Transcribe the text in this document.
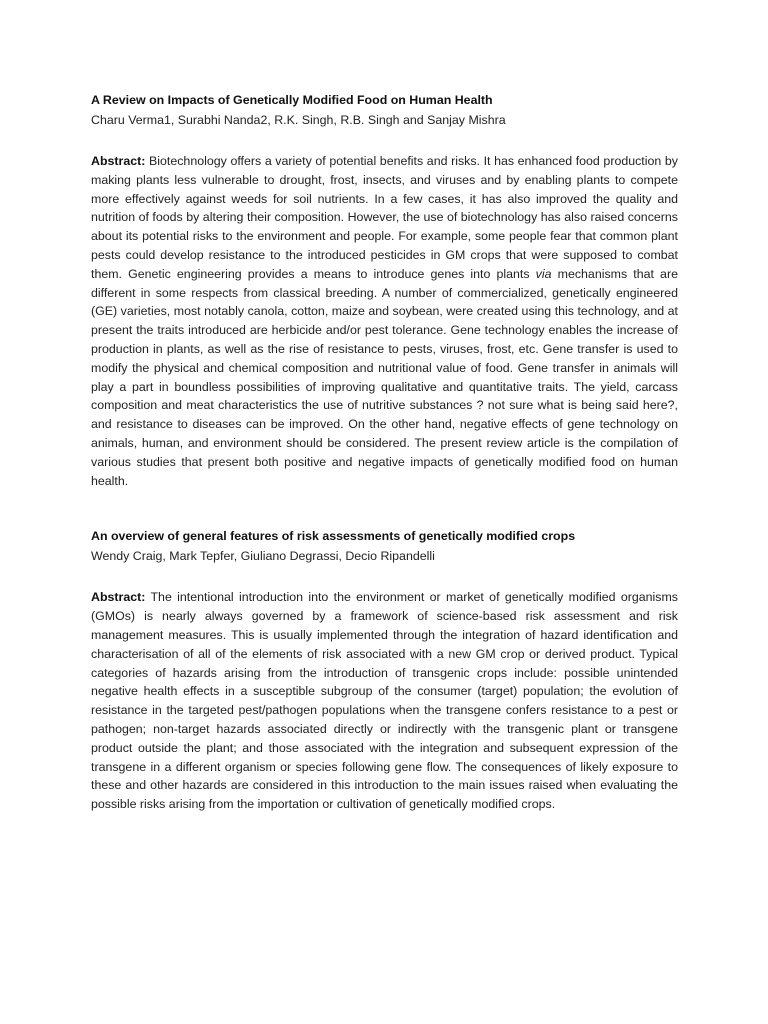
A Review on Impacts of Genetically Modified Food on Human Health

Charu Verma1, Surabhi Nanda2, R.K. Singh, R.B. Singh and Sanjay Mishra

Abstract: Biotechnology offers a variety of potential benefits and risks. It has enhanced food production by making plants less vulnerable to drought, frost, insects, and viruses and by enabling plants to compete more effectively against weeds for soil nutrients. In a few cases, it has also improved the quality and nutrition of foods by altering their composition. However, the use of biotechnology has also raised concerns about its potential risks to the environment and people. For example, some people fear that common plant pests could develop resistance to the introduced pesticides in GM crops that were supposed to combat them. Genetic engineering provides a means to introduce genes into plants via mechanisms that are different in some respects from classical breeding. A number of commercialized, genetically engineered (GE) varieties, most notably canola, cotton, maize and soybean, were created using this technology, and at present the traits introduced are herbicide and/or pest tolerance. Gene technology enables the increase of production in plants, as well as the rise of resistance to pests, viruses, frost, etc. Gene transfer is used to modify the physical and chemical composition and nutritional value of food. Gene transfer in animals will play a part in boundless possibilities of improving qualitative and quantitative traits. The yield, carcass composition and meat characteristics the use of nutritive substances ? not sure what is being said here?, and resistance to diseases can be improved. On the other hand, negative effects of gene technology on animals, human, and environment should be considered. The present review article is the compilation of various studies that present both positive and negative impacts of genetically modified food on human health.

An overview of general features of risk assessments of genetically modified crops

Wendy Craig, Mark Tepfer, Giuliano Degrassi, Decio Ripandelli

Abstract: The intentional introduction into the environment or market of genetically modified organisms (GMOs) is nearly always governed by a framework of science-based risk assessment and risk management measures. This is usually implemented through the integration of hazard identification and characterisation of all of the elements of risk associated with a new GM crop or derived product. Typical categories of hazards arising from the introduction of transgenic crops include: possible unintended negative health effects in a susceptible subgroup of the consumer (target) population; the evolution of resistance in the targeted pest/pathogen populations when the transgene confers resistance to a pest or pathogen; non-target hazards associated directly or indirectly with the transgenic plant or transgene product outside the plant; and those associated with the integration and subsequent expression of the transgene in a different organism or species following gene flow. The consequences of likely exposure to these and other hazards are considered in this introduction to the main issues raised when evaluating the possible risks arising from the importation or cultivation of genetically modified crops.
